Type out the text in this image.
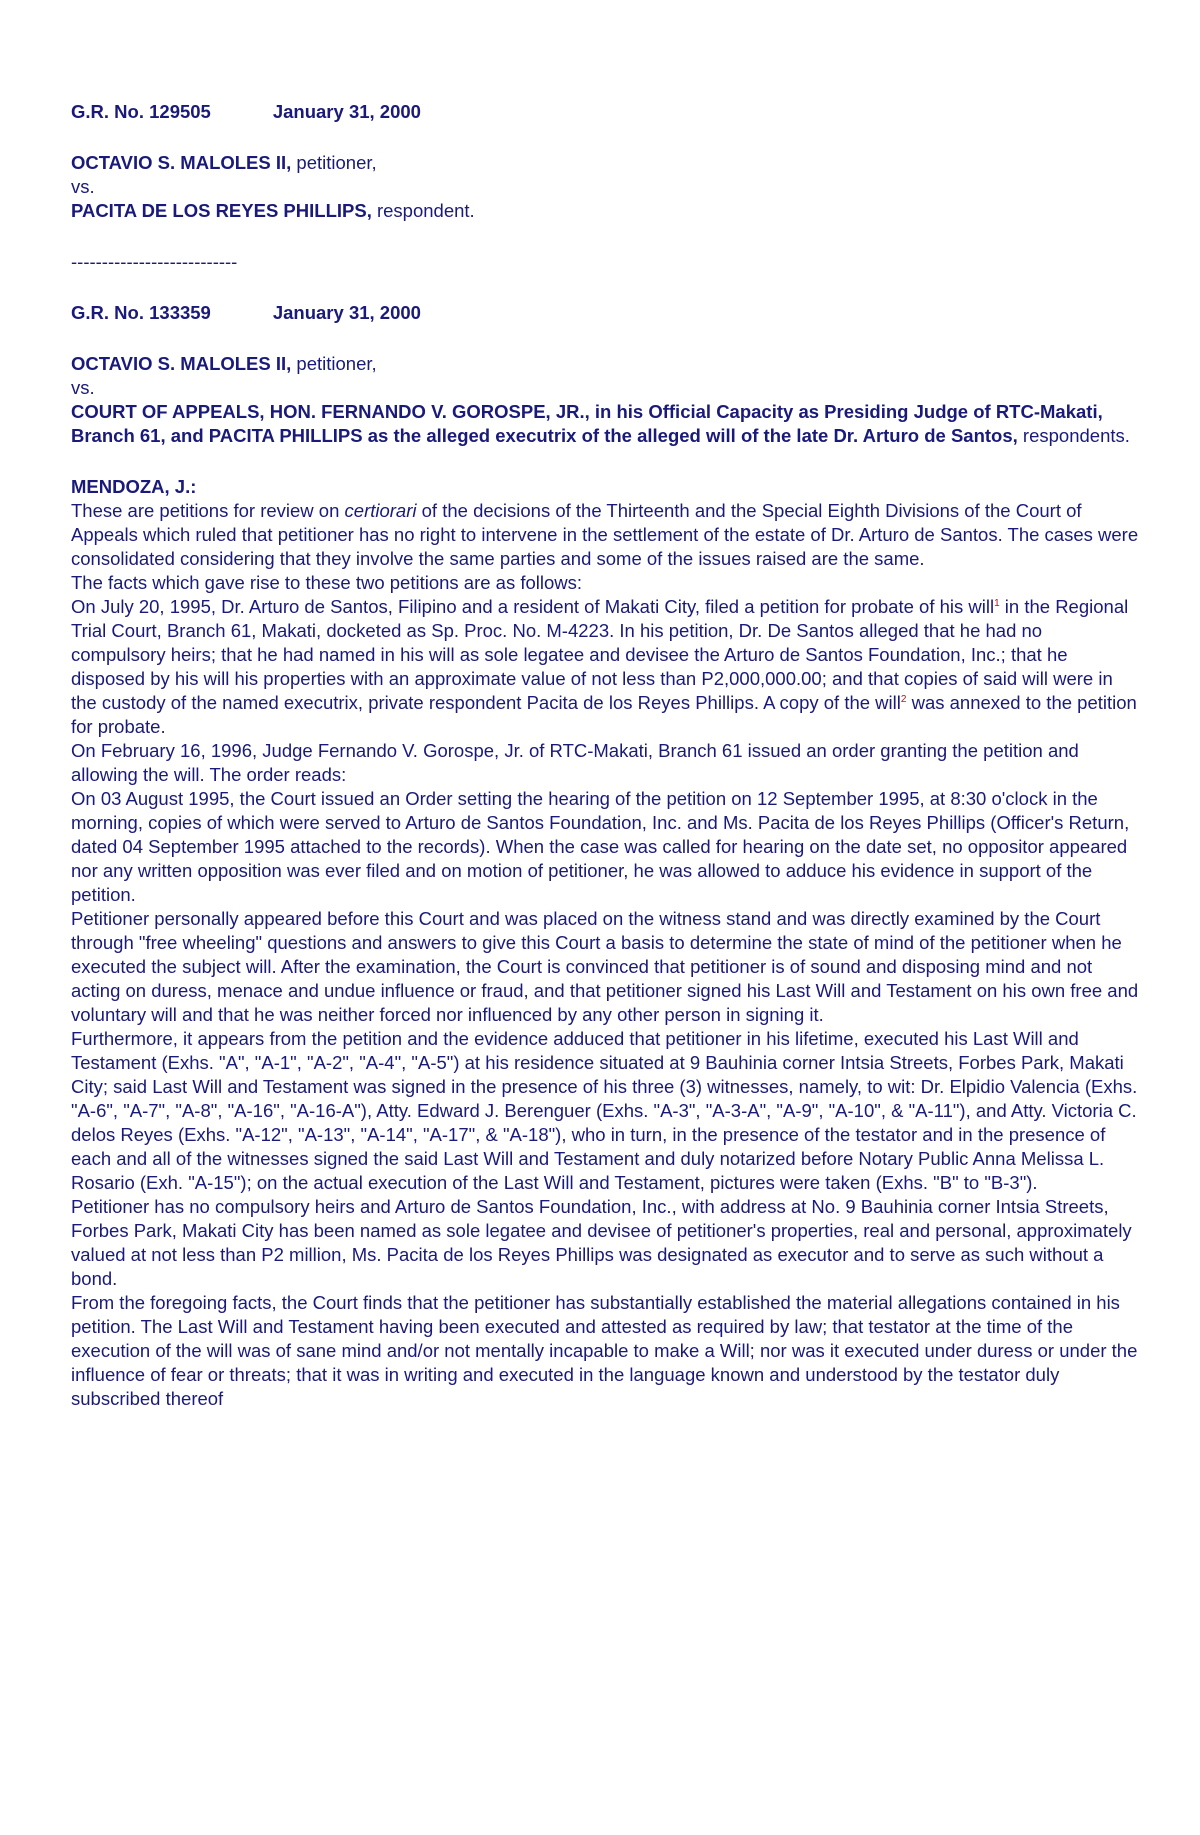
G.R. No. 129505	January 31, 2000

OCTAVIO S. MALOLES II, petitioner,

vs.

PACITA DE LOS REYES PHILLIPS, respondent.

---------------------------

G.R. No. 133359	January 31, 2000

OCTAVIO S. MALOLES II, petitioner,

vs.

COURT OF APPEALS, HON. FERNANDO V. GOROSPE, JR., in his Official Capacity as Presiding Judge of RTC-Makati, Branch 61, and PACITA PHILLIPS as the alleged executrix of the alleged will of the late Dr. Arturo de Santos, respondents.

MENDOZA, J.:

These are petitions for review on certiorari of the decisions of the Thirteenth and the Special Eighth Divisions of the Court of Appeals which ruled that petitioner has no right to intervene in the settlement of the estate of Dr. Arturo de Santos. The cases were consolidated considering that they involve the same parties and some of the issues raised are the same.

The facts which gave rise to these two petitions are as follows:

On July 20, 1995, Dr. Arturo de Santos, Filipino and a resident of Makati City, filed a petition for probate of his will$^1$ in the Regional Trial Court, Branch 61, Makati, docketed as Sp. Proc. No. M-4223. In his petition, Dr. De Santos alleged that he had no compulsory heirs; that he had named in his will as sole legatee and devisee the Arturo de Santos Foundation, Inc.; that he disposed by his will his properties with an approximate value of not less than P2,000,000.00; and that copies of said will were in the custody of the named executrix, private respondent Pacita de los Reyes Phillips. A copy of the will$^2$ was annexed to the petition for probate.

On February 16, 1996, Judge Fernando V. Gorospe, Jr. of RTC-Makati, Branch 61 issued an order granting the petition and allowing the will. The order reads:

On 03 August 1995, the Court issued an Order setting the hearing of the petition on 12 September 1995, at 8:30 o'clock in the morning, copies of which were served to Arturo de Santos Foundation, Inc. and Ms. Pacita de los Reyes Phillips (Officer's Return, dated 04 September 1995 attached to the records). When the case was called for hearing on the date set, no oppositor appeared nor any written opposition was ever filed and on motion of petitioner, he was allowed to adduce his evidence in support of the petition.

Petitioner personally appeared before this Court and was placed on the witness stand and was directly examined by the Court through "free wheeling" questions and answers to give this Court a basis to determine the state of mind of the petitioner when he executed the subject will. After the examination, the Court is convinced that petitioner is of sound and disposing mind and not acting on duress, menace and undue influence or fraud, and that petitioner signed his Last Will and Testament on his own free and voluntary will and that he was neither forced nor influenced by any other person in signing it.

Furthermore, it appears from the petition and the evidence adduced that petitioner in his lifetime, executed his Last Will and Testament (Exhs. "A", "A-1", "A-2", "A-4", "A-5") at his residence situated at 9 Bauhinia corner Intsia Streets, Forbes Park, Makati City; said Last Will and Testament was signed in the presence of his three (3) witnesses, namely, to wit: Dr. Elpidio Valencia (Exhs. "A-6", "A-7", "A-8", "A-16", "A-16-A"), Atty. Edward J. Berenguer (Exhs. "A-3", "A-3-A", "A-9", "A-10", & "A-11"), and Atty. Victoria C. delos Reyes (Exhs. "A-12", "A-13", "A-14", "A-17", & "A-18"), who in turn, in the presence of the testator and in the presence of each and all of the witnesses signed the said Last Will and Testament and duly notarized before Notary Public Anna Melissa L. Rosario (Exh. "A-15"); on the actual execution of the Last Will and Testament, pictures were taken (Exhs. "B" to "B-3").

Petitioner has no compulsory heirs and Arturo de Santos Foundation, Inc., with address at No. 9 Bauhinia corner Intsia Streets, Forbes Park, Makati City has been named as sole legatee and devisee of petitioner's properties, real and personal, approximately valued at not less than P2 million, Ms. Pacita de los Reyes Phillips was designated as executor and to serve as such without a bond.

From the foregoing facts, the Court finds that the petitioner has substantially established the material allegations contained in his petition. The Last Will and Testament having been executed and attested as required by law; that testator at the time of the execution of the will was of sane mind and/or not mentally incapable to make a Will; nor was it executed under duress or under the influence of fear or threats; that it was in writing and executed in the language known and understood by the testator duly subscribed thereof
